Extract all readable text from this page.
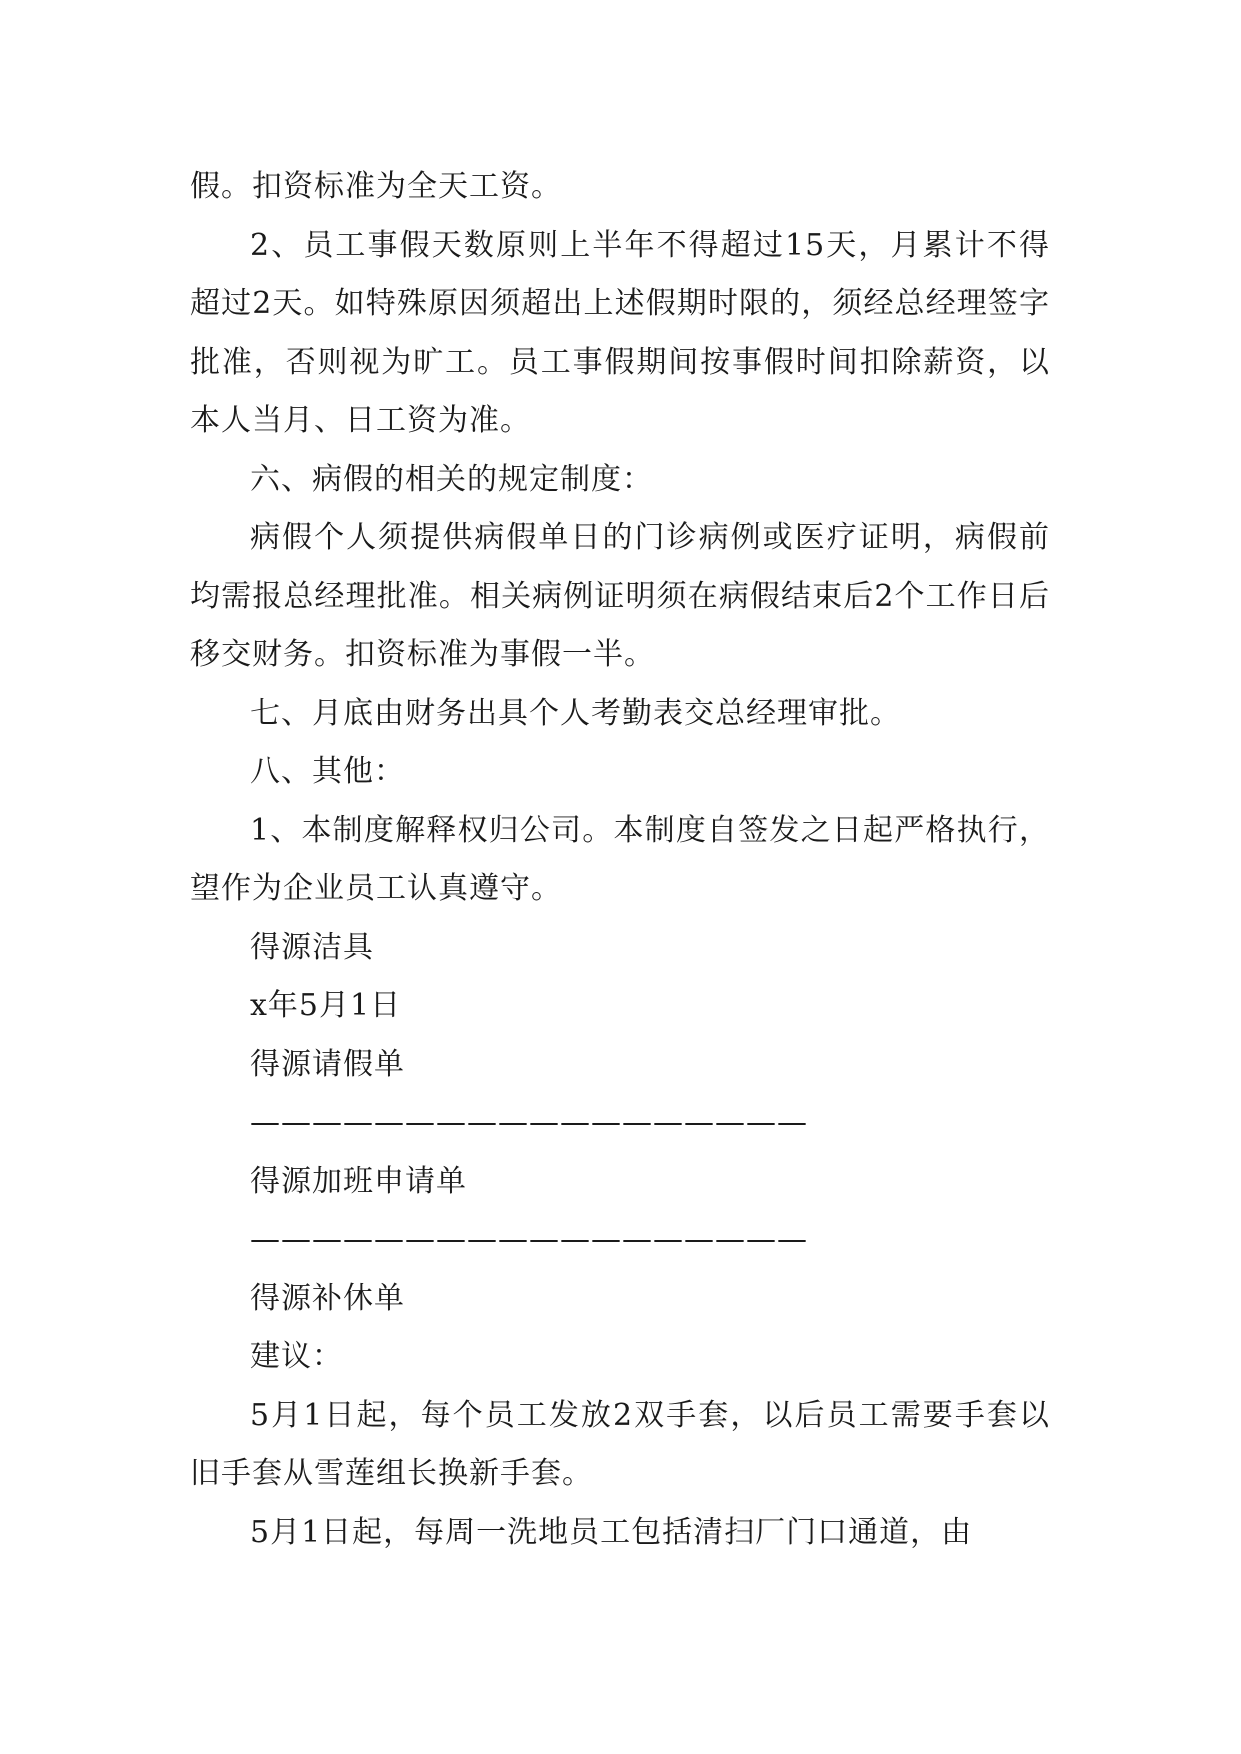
假。扣资标准为全天工资。

2、员工事假天数原则上半年不得超过15天，月累计不得超过2天。如特殊原因须超出上述假期时限的，须经总经理签字批准，否则视为旷工。员工事假期间按事假时间扣除薪资，以本人当月、日工资为准。

六、病假的相关的规定制度：

病假个人须提供病假单日的门诊病例或医疗证明，病假前均需报总经理批准。相关病例证明须在病假结束后2个工作日后移交财务。扣资标准为事假一半。

七、月底由财务出具个人考勤表交总经理审批。

八、其他：

1、本制度解释权归公司。本制度自签发之日起严格执行，望作为企业员工认真遵守。

得源洁具

x年5月1日

得源请假单

——————————————————

得源加班申请单

——————————————————

得源补休单

建议：

5月1日起，每个员工发放2双手套，以后员工需要手套以旧手套从雪莲组长换新手套。

5月1日起，每周一洗地员工包括清扫厂门口通道，由
